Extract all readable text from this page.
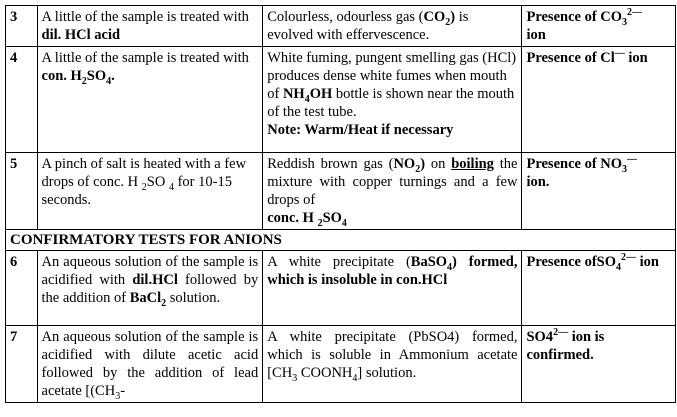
3	A little of the sample is treated with dil. HCl acid	Colourless, odourless gas $(CO_2)$ is evolved with effervescence.	Presence of $CO_3^{2—}$
ion
4	A little of the sample is treated with con. $H_2SO_4$.	White fuming, pungent smelling gas (HCl) produces dense white fumes when mouth of $NH_4OH$ bottle is shown near the mouth of the test tube.
Note: Warm/Heat if necessary	Presence of Cl— ion
5	A pinch of salt is heated with a few drops of conc. H $_2$SO $_4$ for 10-15 seconds.	Reddish brown gas $(NO_2)$ on boiling the mixture with copper turnings and a few drops of
conc. H $_2SO_4$	Presence of $NO_3^—$
ion.
CONFIRMATORY TESTS FOR ANIONS			
6	An aqueous solution of the sample is acidified with dil.HCl followed by the addition of BaCl$_2$ solution.	A white precipitate (BaSO$_4$) formed, which is insoluble in con.HCl	Presence ofSO$_4^{2—}$ ion
7	An aqueous solution of the sample is acidified with dilute acetic acid followed by the addition of lead acetate [($CH_3-$	A white precipitate (PbSO4) formed, which is soluble in Ammonium acetate [$CH_3$ $COONH_4$] solution.	$SO4^{2—}$ ion is confirmed.
